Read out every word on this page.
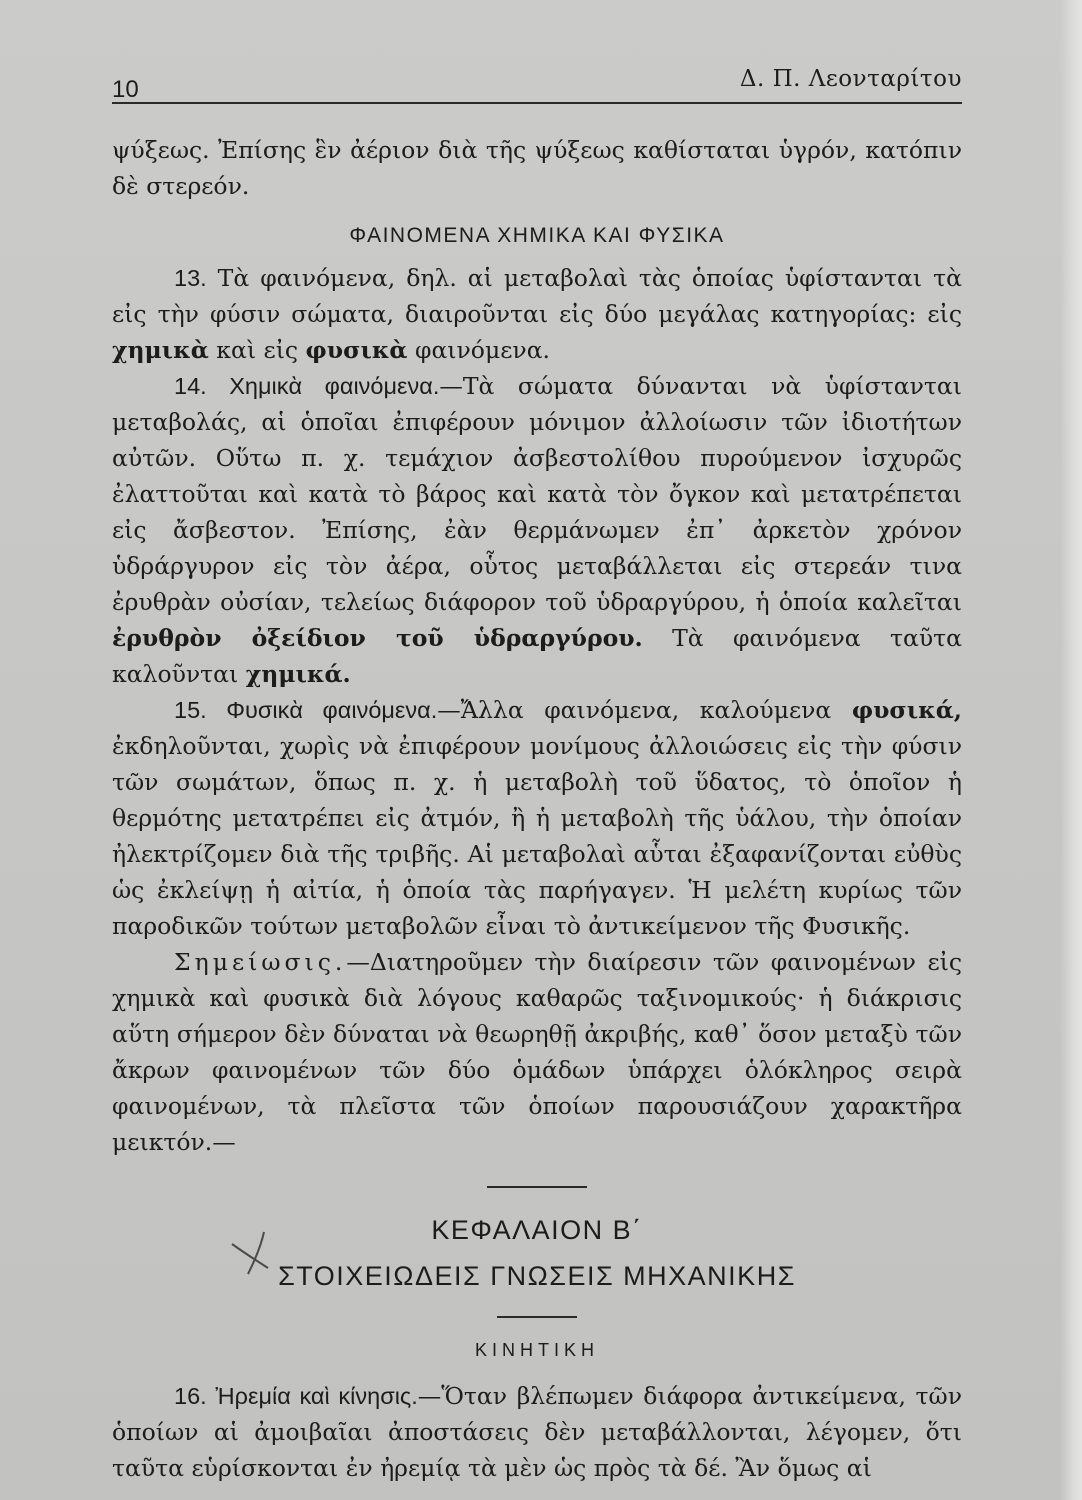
10	Δ. Π. Λεονταρίτου

ψύξεως. Ἐπίσης ἓν ἀέριον διὰ τῆς ψύξεως καθίσταται ὑγρόν, κατόπιν δὲ στερεόν.

ΦΑΙΝΟΜΕΝΑ ΧΗΜΙΚΑ ΚΑΙ ΦΥΣΙΚΑ

13. Τὰ φαινόμενα, δηλ. αἱ μεταβολαὶ τὰς ὁποίας ὑφίστανται τὰ εἰς τὴν φύσιν σώματα, διαιροῦνται εἰς δύο μεγάλας κατηγορίας: εἰς χημικὰ καὶ εἰς φυσικὰ φαινόμενα.

14. Χημικὰ φαινόμενα.—Τὰ σώματα δύνανται νὰ ὑφίστανται μεταβολάς, αἱ ὁποῖαι ἐπιφέρουν μόνιμον ἀλλοίωσιν τῶν ἰδιοτήτων αὐτῶν. Οὕτω π. χ. τεμάχιον ἀσβεστολίθου πυρούμενον ἰσχυρῶς ἐλαττοῦται καὶ κατὰ τὸ βάρος καὶ κατὰ τὸν ὄγκον καὶ μετατρέπεται εἰς ἄσβεστον. Ἐπίσης, ἐὰν θερμάνωμεν ἐπ᾿ ἀρκετὸν χρόνον ὑδράργυρον εἰς τὸν ἀέρα, οὗτος μεταβάλλεται εἰς στερεάν τινα ἐρυθρὰν οὐσίαν, τελείως διάφορον τοῦ ὑδραργύρου, ἡ ὁποία καλεῖται ἐρυθρὸν ὀξείδιον τοῦ ὑδραργύρου. Τὰ φαινόμενα ταῦτα καλοῦνται χημικά.

15. Φυσικὰ φαινόμενα.—Ἄλλα φαινόμενα, καλούμενα φυσικά, ἐκδηλοῦνται, χωρὶς νὰ ἐπιφέρουν μονίμους ἀλλοιώσεις εἰς τὴν φύσιν τῶν σωμάτων, ὅπως π. χ. ἡ μεταβολὴ τοῦ ὕδατος, τὸ ὁποῖον ἡ θερμότης μετατρέπει εἰς ἀτμόν, ἢ ἡ μεταβολὴ τῆς ὑάλου, τὴν ὁποίαν ἠλεκτρίζομεν διὰ τῆς τριβῆς. Αἱ μεταβολαὶ αὗται ἐξαφανίζονται εὐθὺς ὡς ἐκλείψῃ ἡ αἰτία, ἡ ὁποία τὰς παρήγαγεν. Ἡ μελέτη κυρίως τῶν παροδικῶν τούτων μεταβολῶν εἶναι τὸ ἀντικείμενον τῆς Φυσικῆς.

Σημείωσις.—Διατηροῦμεν τὴν διαίρεσιν τῶν φαινομένων εἰς χημικὰ καὶ φυσικὰ διὰ λόγους καθαρῶς ταξινομικούς· ἡ διάκρισις αὕτη σήμερον δὲν δύναται νὰ θεωρηθῇ ἀκριβής, καθ᾿ ὅσον μεταξὺ τῶν ἄκρων φαινομένων τῶν δύο ὁμάδων ὑπάρχει ὁλόκληρος σειρὰ φαινομένων, τὰ πλεῖστα τῶν ὁποίων παρουσιάζουν χαρακτῆρα μεικτόν.—

ΚΕΦΑΛΑΙΟΝ Β΄
ΣΤΟΙΧΕΙΩΔΕΙΣ ΓΝΩΣΕΙΣ ΜΗΧΑΝΙΚΗΣ
ΚΙΝΗΤΙΚΗ

16. Ἠρεμία καὶ κίνησις.—Ὅταν βλέπωμεν διάφορα ἀντικείμενα, τῶν ὁποίων αἱ ἀμοιβαῖαι ἀποστάσεις δὲν μεταβάλλονται, λέγομεν, ὅτι ταῦτα εὑρίσκονται ἐν ἠρεμίᾳ τὰ μὲν ὡς πρὸς τὰ δέ. Ἂν ὅμως αἱ
